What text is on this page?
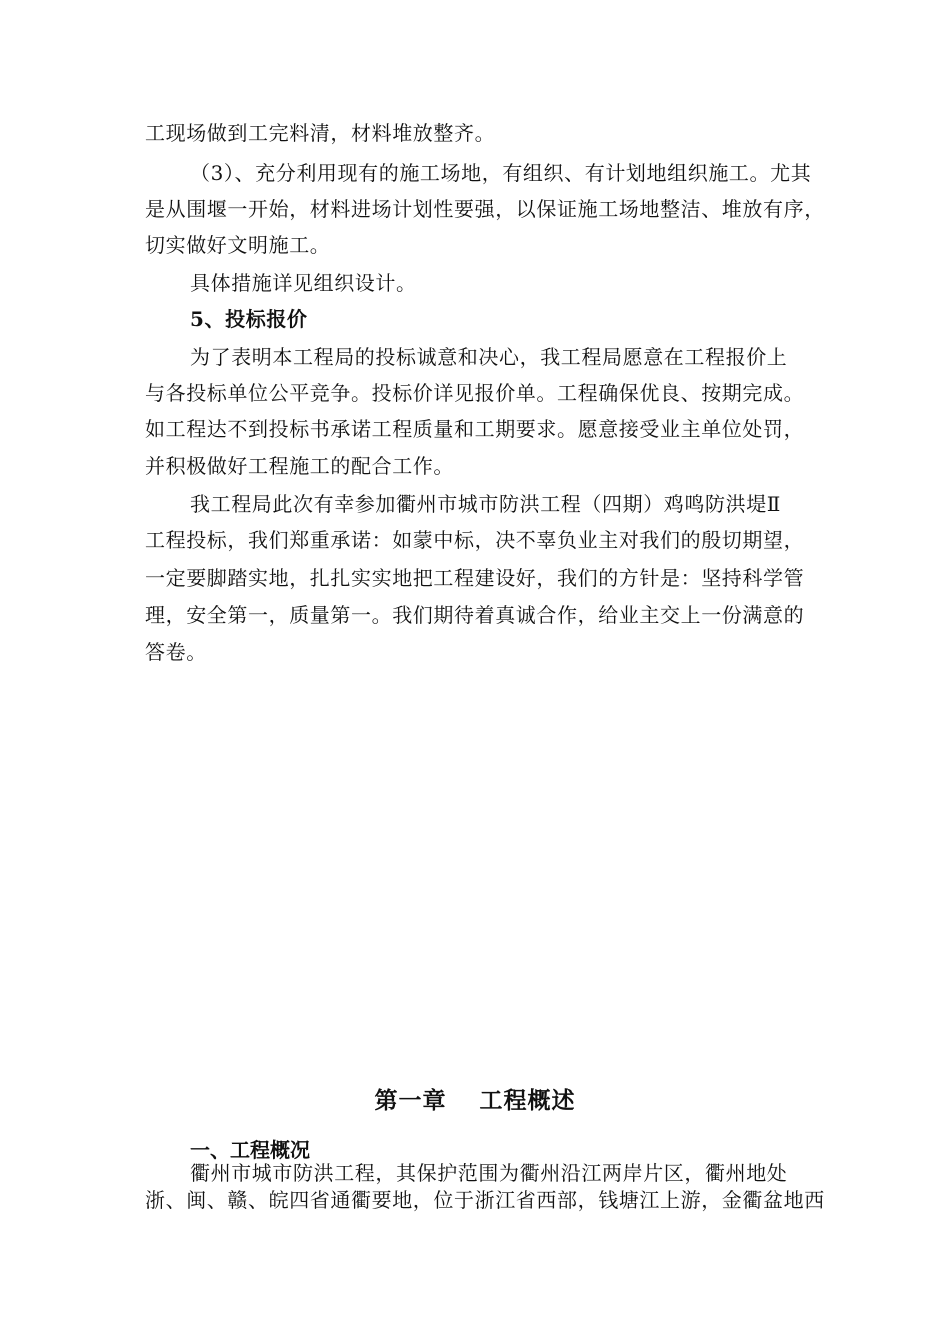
工现场做到工完料清，材料堆放整齐。
（3）、充分利用现有的施工场地，有组织、有计划地组织施工。尤其
是从围堰一开始，材料进场计划性要强，以保证施工场地整洁、堆放有序，
切实做好文明施工。
具体措施详见组织设计。
5、投标报价
为了表明本工程局的投标诚意和决心，我工程局愿意在工程报价上
与各投标单位公平竞争。投标价详见报价单。工程确保优良、按期完成。
如工程达不到投标书承诺工程质量和工期要求。愿意接受业主单位处罚，
并积极做好工程施工的配合工作。
我工程局此次有幸参加衢州市城市防洪工程（四期）鸡鸣防洪堤Ⅱ
工程投标，我们郑重承诺：如蒙中标，决不辜负业主对我们的殷切期望，
一定要脚踏实地，扎扎实实地把工程建设好，我们的方针是：坚持科学管
理，安全第一，质量第一。我们期待着真诚合作，给业主交上一份满意的
答卷。
第一章　 工程概述
一、工程概况
衢州市城市防洪工程，其保护范围为衢州沿江两岸片区，衢州地处
浙、闽、赣、皖四省通衢要地，位于浙江省西部，钱塘江上游，金衢盆地西
